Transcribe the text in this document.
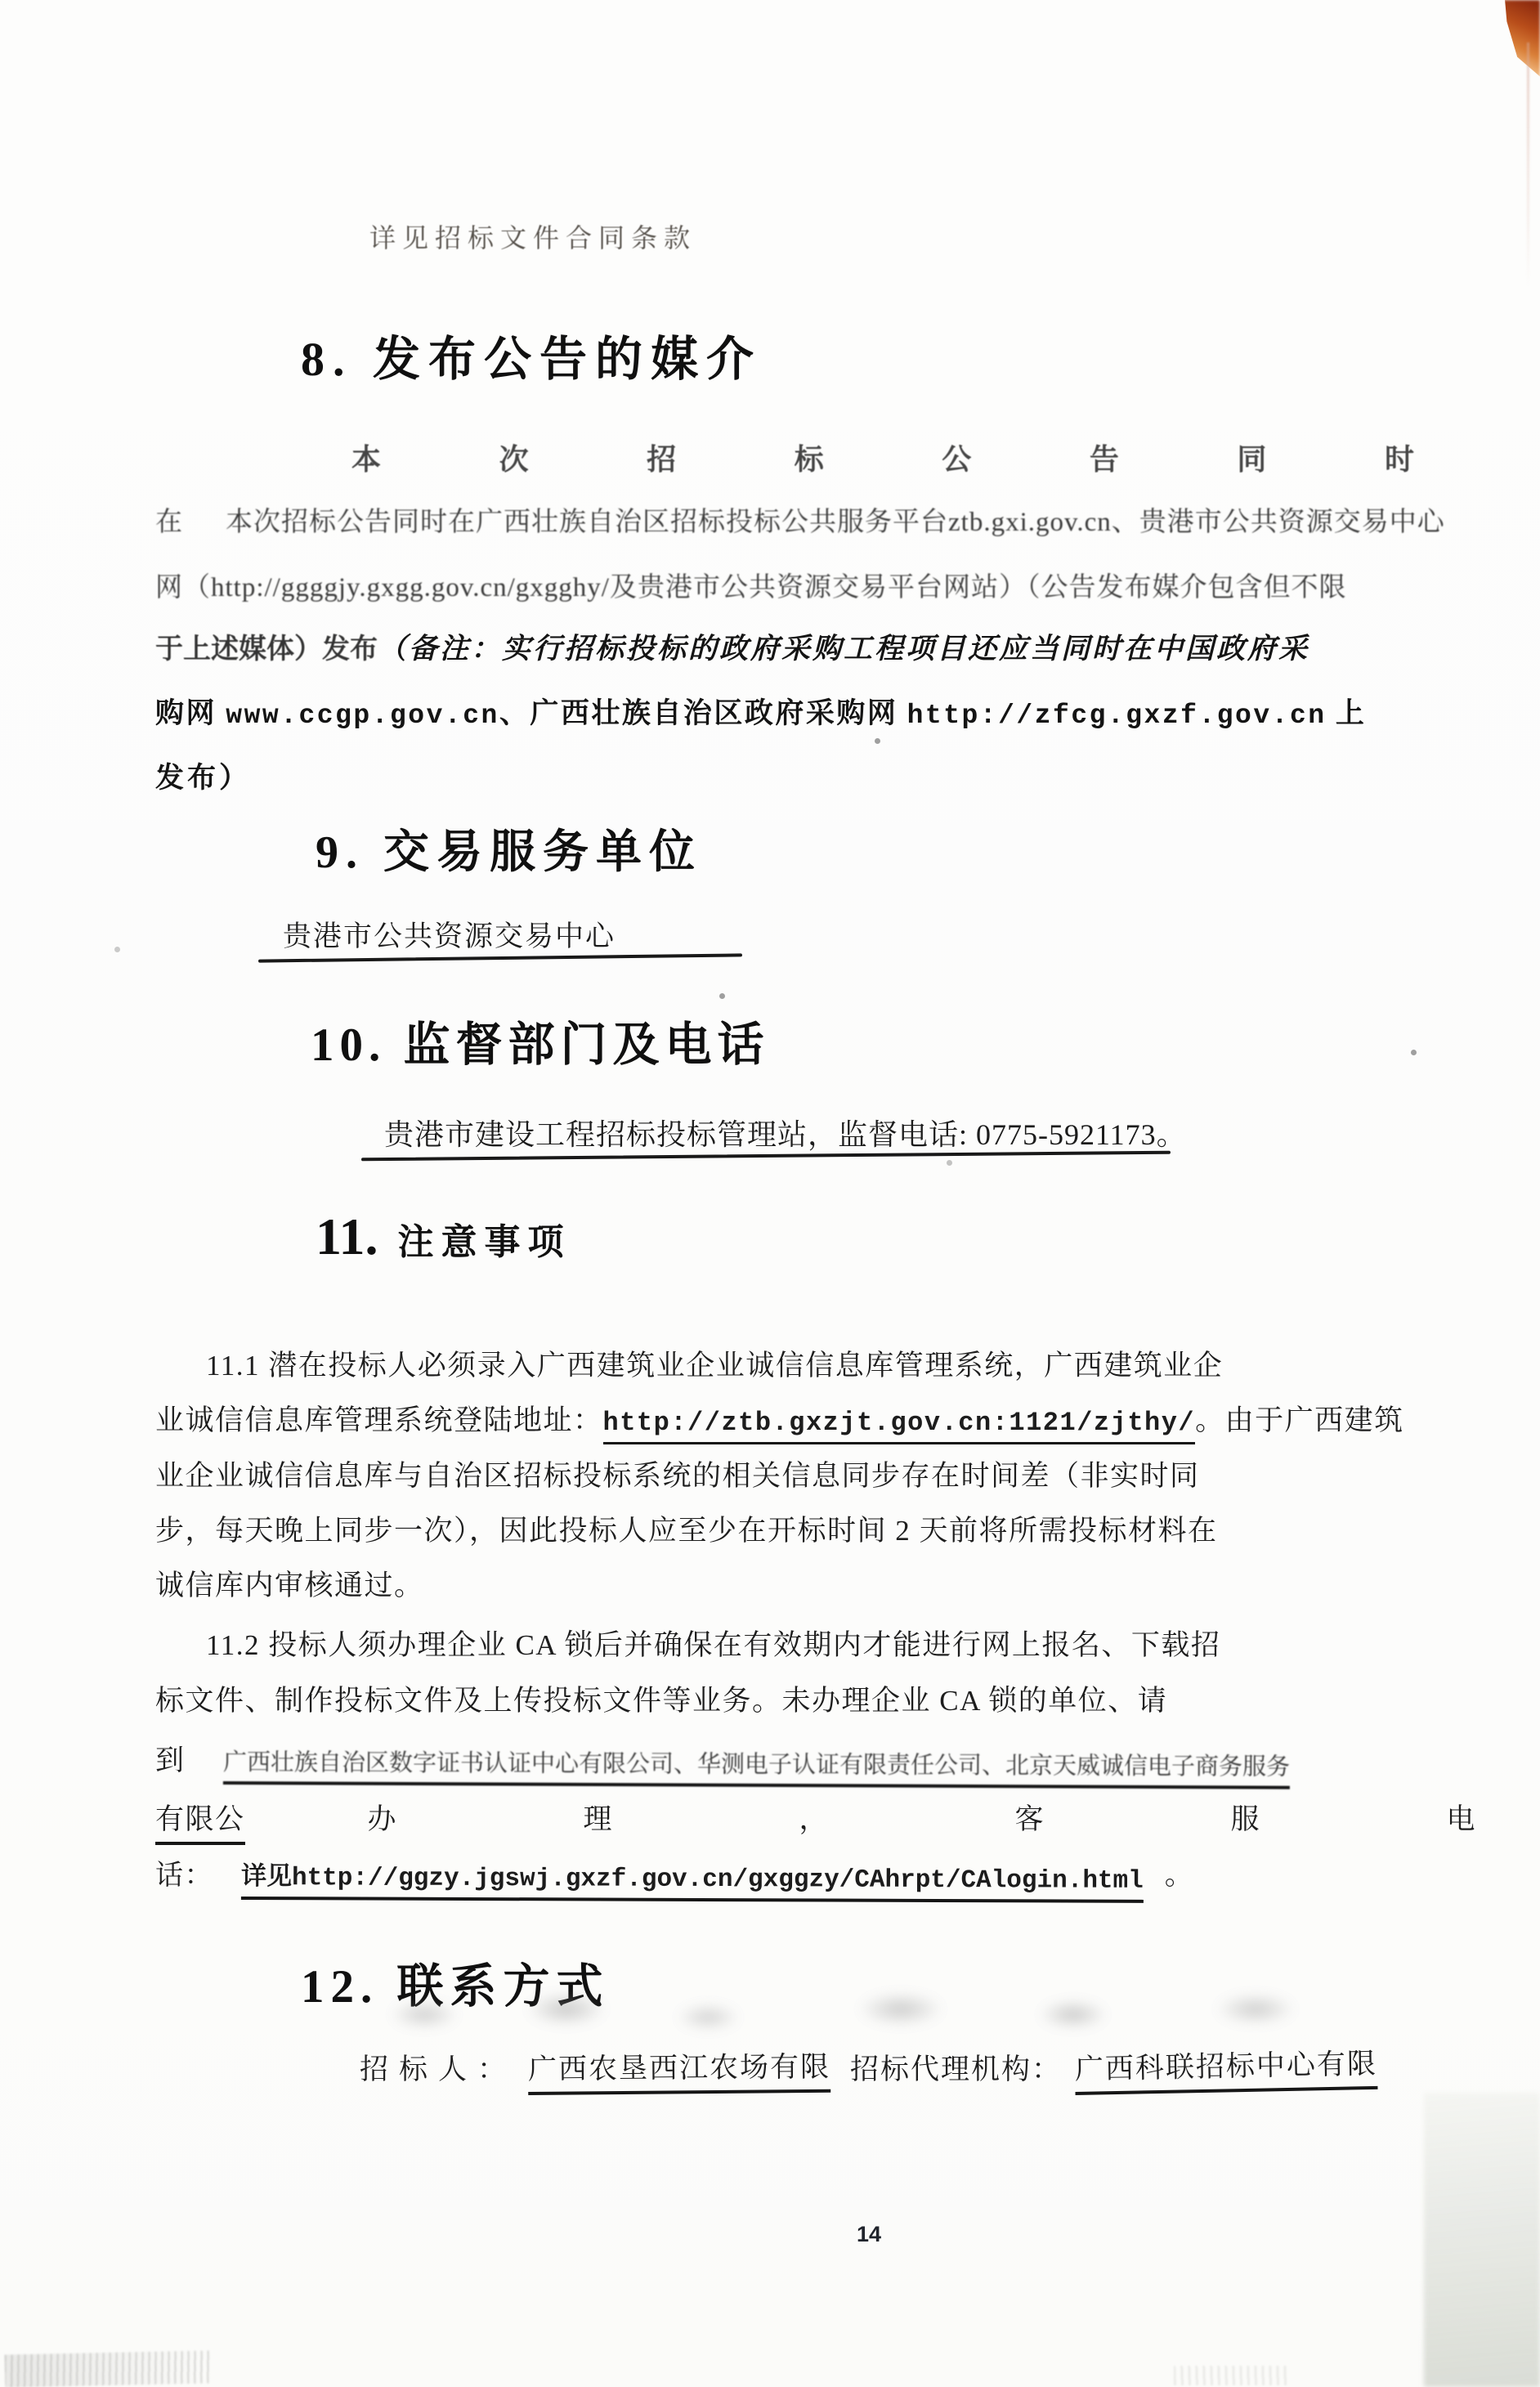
详见招标文件合同条款
8. 发布公告的媒介
本	次	招	标	公	告	同	时
在 本次招标公告同时在广西壮族自治区招标投标公共服务平台ztb.gxi.gov.cn、贵港市公共资源交易中心
网（http://ggggjy.gxgg.gov.cn/gxgghy/及贵港市公共资源交易平台网站）（公告发布媒介包含但不限
于上述媒体）发布（备注：实行招标投标的政府采购工程项目还应当同时在中国政府采
购网 www.ccgp.gov.cn、广西壮族自治区政府采购网 http://zfcg.gxzf.gov.cn 上
发布）
9. 交易服务单位
贵港市公共资源交易中心
10. 监督部门及电话
贵港市建设工程招标投标管理站，监督电话: 0775-5921173。
11. 注意事项
11.1 潜在投标人必须录入广西建筑业企业诚信信息库管理系统，广西建筑业企
业诚信信息库管理系统登陆地址：http://ztb.gxzjt.gov.cn:1121/zjthy/。由于广西建筑
业企业诚信信息库与自治区招标投标系统的相关信息同步存在时间差（非实时同
步，每天晚上同步一次），因此投标人应至少在开标时间 2 天前将所需投标材料在
诚信库内审核通过。
11.2 投标人须办理企业 CA 锁后并确保在有效期内才能进行网上报名、下载招
标文件、制作投标文件及上传投标文件等业务。未办理企业 CA 锁的单位、请
到 广西壮族自治区数字证书认证中心有限公司、华测电子认证有限责任公司、北京天威诚信电子商务服务
有限公	办	理	，	客	服	电
话： 详见http://ggzy.jgswj.gxzf.gov.cn/gxggzy/CAhrpt/CAlogin.html 。
12. 联系方式
招标人： 广西农垦西江农场有限 招标代理机构： 广西科联招标中心有限
14
